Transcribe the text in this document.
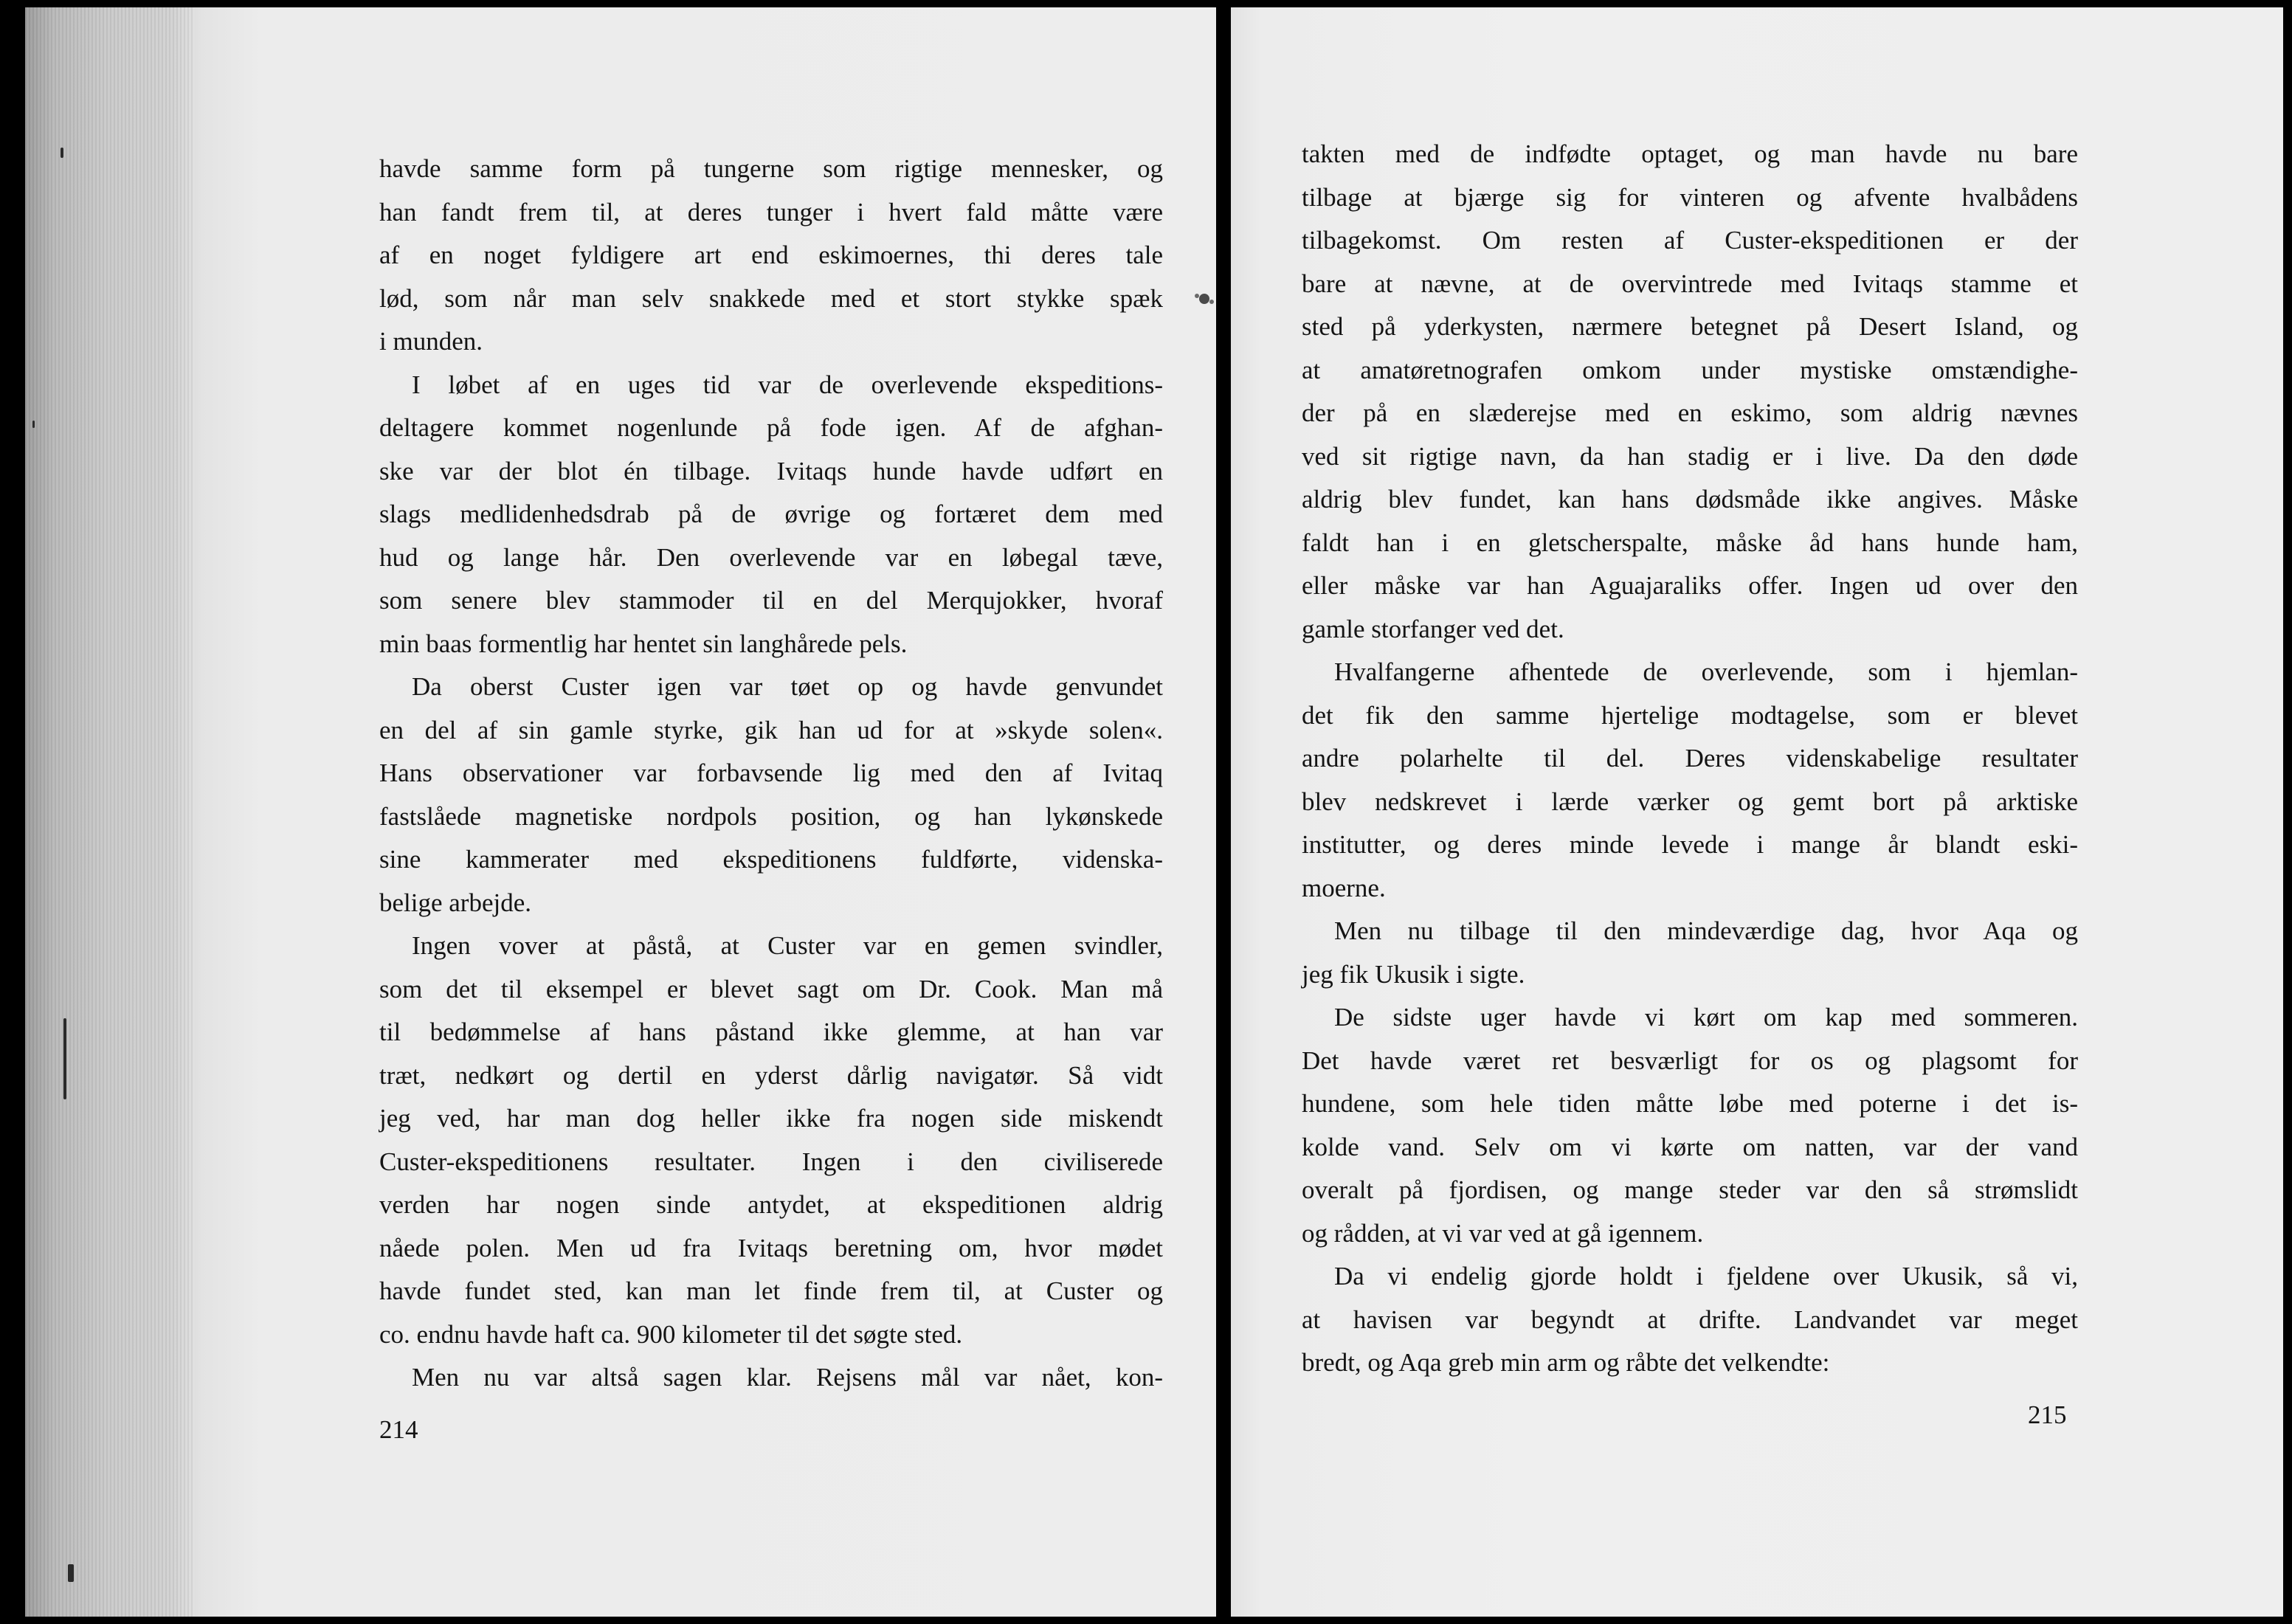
havde samme form på tungerne som rigtige mennesker, og
han fandt frem til, at deres tunger i hvert fald måtte være
af en noget fyldigere art end eskimoernes, thi deres tale
lød, som når man selv snakkede med et stort stykke spæk
i munden.
I løbet af en uges tid var de overlevende ekspeditions-
deltagere kommet nogenlunde på fode igen. Af de afghan-
ske var der blot én tilbage. Ivitaqs hunde havde udført en
slags medlidenhedsdrab på de øvrige og fortæret dem med
hud og lange hår. Den overlevende var en løbegal tæve,
som senere blev stammoder til en del Merqujokker, hvoraf
min baas formentlig har hentet sin langhårede pels.
Da oberst Custer igen var tøet op og havde genvundet
en del af sin gamle styrke, gik han ud for at »skyde solen«.
Hans observationer var forbavsende lig med den af Ivitaq
fastslåede magnetiske nordpols position, og han lykønskede
sine kammerater med ekspeditionens fuldførte, videnska-
belige arbejde.
Ingen vover at påstå, at Custer var en gemen svindler,
som det til eksempel er blevet sagt om Dr. Cook. Man må
til bedømmelse af hans påstand ikke glemme, at han var
træt, nedkørt og dertil en yderst dårlig navigatør. Så vidt
jeg ved, har man dog heller ikke fra nogen side miskendt
Custer-ekspeditionens resultater. Ingen i den civiliserede
verden har nogen sinde antydet, at ekspeditionen aldrig
nåede polen. Men ud fra Ivitaqs beretning om, hvor mødet
havde fundet sted, kan man let finde frem til, at Custer og
co. endnu havde haft ca. 900 kilometer til det søgte sted.
Men nu var altså sagen klar. Rejsens mål var nået, kon-
214
takten med de indfødte optaget, og man havde nu bare
tilbage at bjærge sig for vinteren og afvente hvalbådens
tilbagekomst. Om resten af Custer-ekspeditionen er der
bare at nævne, at de overvintrede med Ivitaqs stamme et
sted på yderkysten, nærmere betegnet på Desert Island, og
at amatøretnografen omkom under mystiske omstændighe-
der på en slæderejse med en eskimo, som aldrig nævnes
ved sit rigtige navn, da han stadig er i live. Da den døde
aldrig blev fundet, kan hans dødsmåde ikke angives. Måske
faldt han i en gletscherspalte, måske åd hans hunde ham,
eller måske var han Aguajaraliks offer. Ingen ud over den
gamle storfanger ved det.
Hvalfangerne afhentede de overlevende, som i hjemlan-
det fik den samme hjertelige modtagelse, som er blevet
andre polarhelte til del. Deres videnskabelige resultater
blev nedskrevet i lærde værker og gemt bort på arktiske
institutter, og deres minde levede i mange år blandt eski-
moerne.
Men nu tilbage til den mindeværdige dag, hvor Aqa og
jeg fik Ukusik i sigte.
De sidste uger havde vi kørt om kap med sommeren.
Det havde været ret besværligt for os og plagsomt for
hundene, som hele tiden måtte løbe med poterne i det is-
kolde vand. Selv om vi kørte om natten, var der vand
overalt på fjordisen, og mange steder var den så strømslidt
og rådden, at vi var ved at gå igennem.
Da vi endelig gjorde holdt i fjeldene over Ukusik, så vi,
at havisen var begyndt at drifte. Landvandet var meget
bredt, og Aqa greb min arm og råbte det velkendte:
215
